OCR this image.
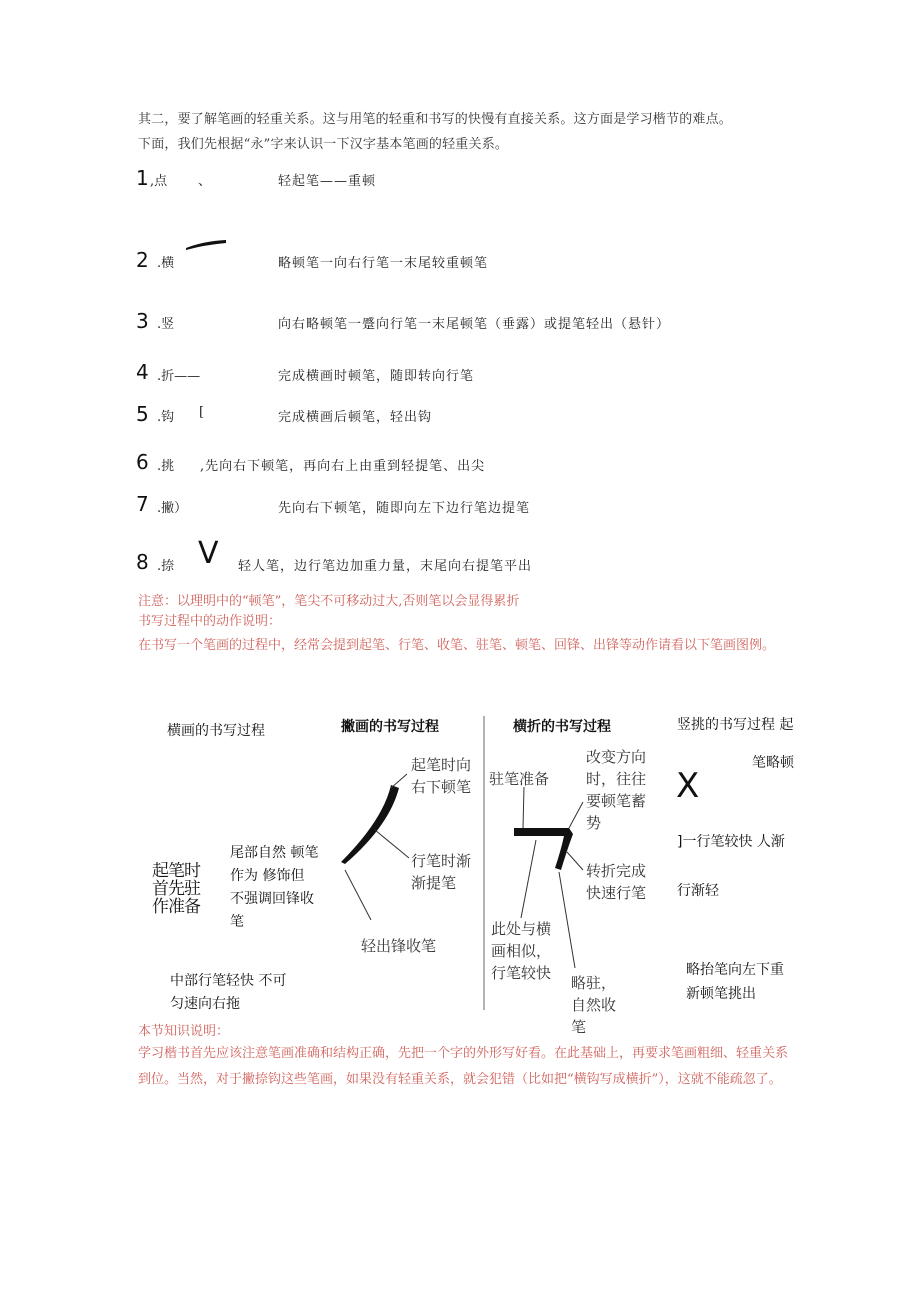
其二，要了解笔画的轻重关系。这与用笔的轻重和书写的快慢有直接关系。这方面是学习楷节的难点。
下面，我们先根据“永”字来认识一下汉字基本笔画的轻重关系。
1 ,点 、	轻起笔——重顿
2 .横	略顿笔一向右行笔一末尾较重顿笔
3 .竖	向右略顿笔一蹙向行笔一末尾顿笔（垂露）或提笔轻出（悬针）
4 .折——	完成横画时顿笔，随即转向行笔
5 .钩 [	完成横画后顿笔，轻出钩
6 .挑 ,先向右下顿笔，再向右上由重到轻提笔、出尖
7 .撇）	先向右下顿笔，随即向左下边行笔边提笔
8 .捺 V 轻人笔，边行笔边加重力量，末尾向右提笔平出
注意：以理明中的“顿笔”，笔尖不可移动过大,否则笔以会显得累折
书写过程中的动作说明：
在书写一个笔画的过程中，经常会提到起笔、行笔、收笔、驻笔、顿笔、回锋、出锋等动作请看以下笔画图例。
横画的书写过程
起笔时首先驻作准备
尾部自然 顿笔作为 修饰但 不强调回锋收笔
中部行笔轻快 不可匀速向右拖
撇画的书写过程
起笔时向右下顿笔
行笔时渐渐提笔
轻出锋收笔
横折的书写过程
驻笔准备
改变方向时，往往要顿笔蓄势
转折完成快速行笔
此处与横画相似，行笔较快
略驻，自然收笔
竖挑的书写过程 起
笔略顿
X
]一行笔较快 人渐
行渐轻
略抬笔向左下重新顿笔挑出
本节知识说明：
学习楷书首先应该注意笔画准确和结构正确，先把一个字的外形写好看。在此基础上，再要求笔画粗细、轻重关系到位。当然，对于撇捺钩这些笔画，如果没有轻重关系，就会犯错（比如把“横钩写成横折”），这就不能疏忽了。
